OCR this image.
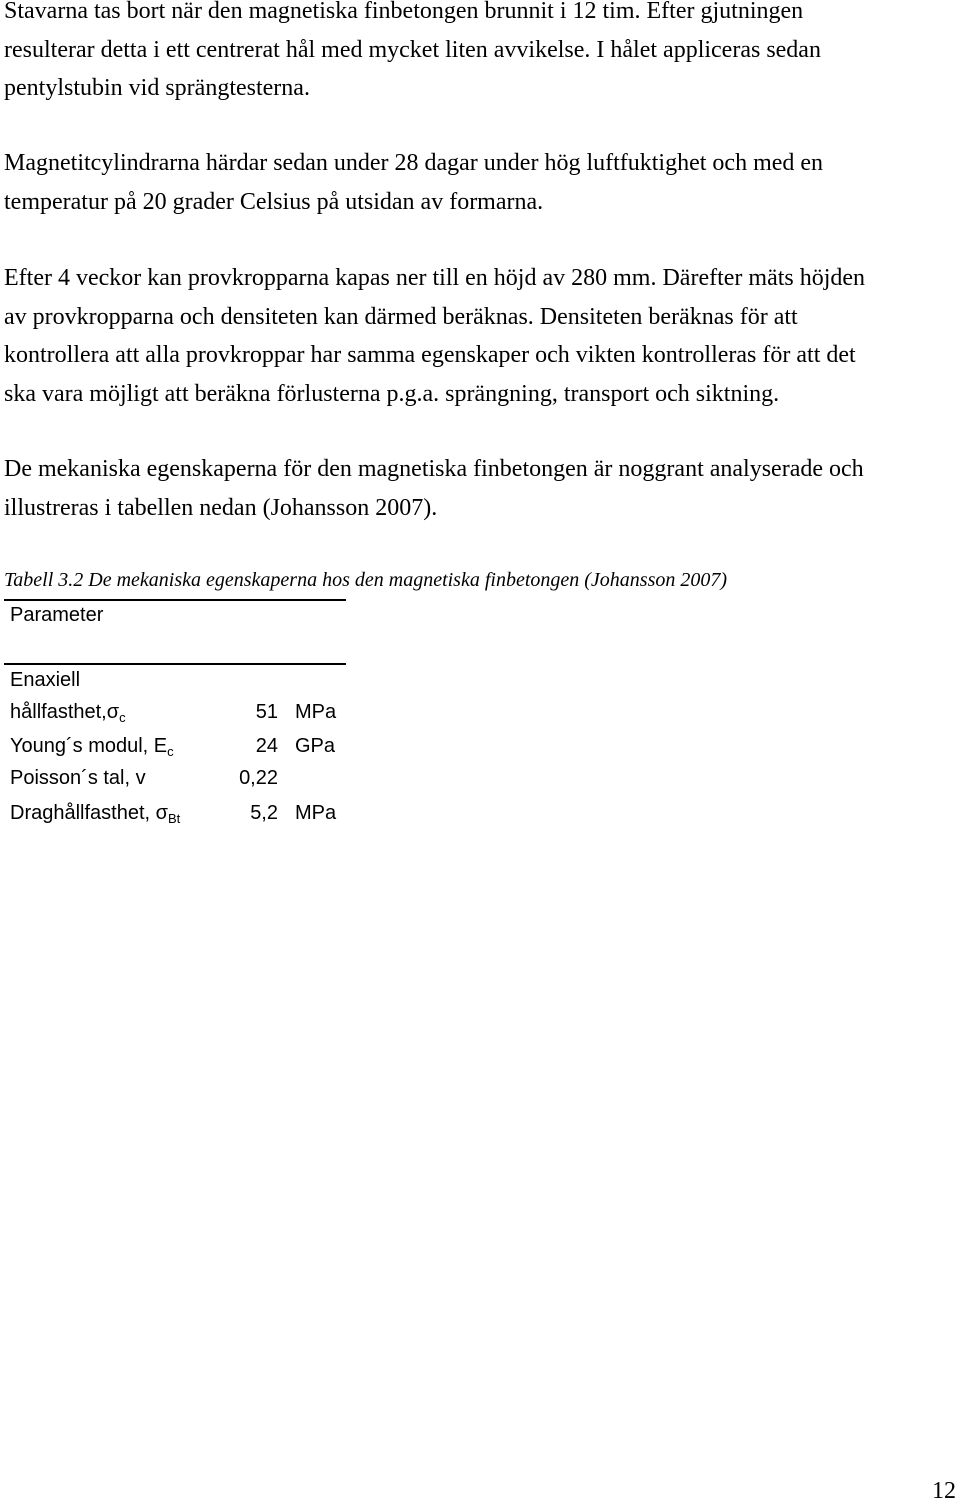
Stavarna tas bort när den magnetiska finbetongen brunnit i 12 tim. Efter gjutningen
resulterar detta i ett centrerat hål med mycket liten avvikelse. I hålet appliceras sedan
pentylstubin vid sprängtesterna.

Magnetitcylindrarna härdar sedan under 28 dagar under hög luftfuktighet och med en
temperatur på 20 grader Celsius på utsidan av formarna.

Efter 4 veckor kan provkropparna kapas ner till en höjd av 280 mm. Därefter mäts höjden
av provkropparna och densiteten kan därmed beräknas. Densiteten beräknas för att
kontrollera att alla provkroppar har samma egenskaper och vikten kontrolleras för att det
ska vara möjligt att beräkna förlusterna p.g.a. sprängning, transport och siktning.

De mekaniska egenskaperna för den magnetiska finbetongen är noggrant analyserade och
illustreras i tabellen nedan (Johansson 2007).

Tabell 3.2 De mekaniska egenskaperna hos den magnetiska finbetongen (Johansson 2007)

Parameter
Enaxiell
$hållfasthet,\sigma_c$	51 MPa
Young´s modul, $E_c$	24 GPa
Poisson´s tal, v	0,22
Draghållfasthet, $\sigma_{Bt}$	5,2 MPa
12
